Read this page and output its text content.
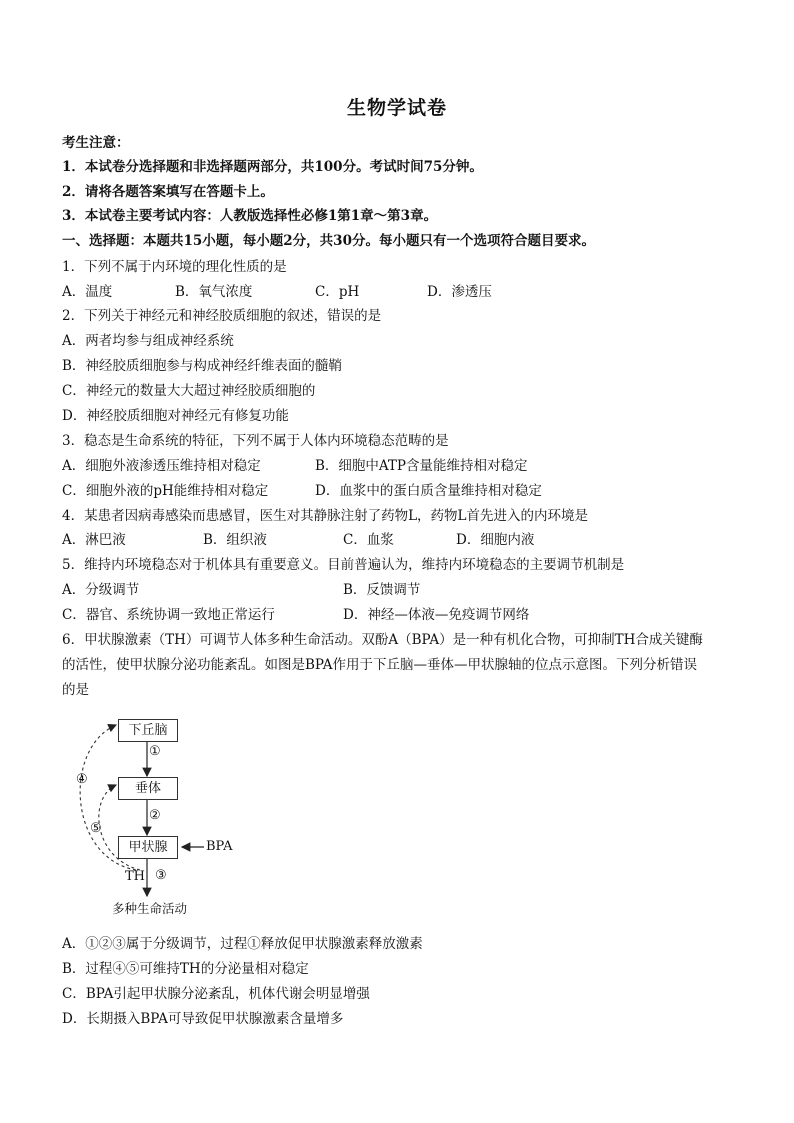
生物学试卷
考生注意：
1．本试卷分选择题和非选择题两部分，共100分。考试时间75分钟。
2．请将各题答案填写在答题卡上。
3．本试卷主要考试内容：人教版选择性必修1第1章～第3章。
一、选择题：本题共15小题，每小题2分，共30分。每小题只有一个选项符合题目要求。
1．下列不属于内环境的理化性质的是
A．温度	B．氧气浓度	C．pH	D．渗透压
2．下列关于神经元和神经胶质细胞的叙述，错误的是
A．两者均参与组成神经系统
B．神经胶质细胞参与构成神经纤维表面的髓鞘
C．神经元的数量大大超过神经胶质细胞的
D．神经胶质细胞对神经元有修复功能
3．稳态是生命系统的特征，下列不属于人体内环境稳态范畴的是
A．细胞外液渗透压维持相对稳定	B．细胞中ATP含量能维持相对稳定
C．细胞外液的pH能维持相对稳定	D．血浆中的蛋白质含量维持相对稳定
4．某患者因病毒感染而患感冒，医生对其静脉注射了药物L，药物L首先进入的内环境是
A．淋巴液	B．组织液	C．血浆	D．细胞内液
5．维持内环境稳态对于机体具有重要意义。目前普遍认为，维持内环境稳态的主要调节机制是
A．分级调节	B．反馈调节
C．器官、系统协调一致地正常运行	D．神经—体液—免疫调节网络
6．甲状腺激素（TH）可调节人体多种生命活动。双酚A（BPA）是一种有机化合物，可抑制TH合成关键酶
的活性，使甲状腺分泌功能紊乱。如图是BPA作用于下丘脑—垂体—甲状腺轴的位点示意图。下列分析错误
的是
下丘脑
垂体
甲状腺
①
②
③
④
⑤
TH
BPA
多种生命活动
A．①②③属于分级调节，过程①释放促甲状腺激素释放激素
B．过程④⑤可维持TH的分泌量相对稳定
C．BPA引起甲状腺分泌紊乱，机体代谢会明显增强
D．长期摄入BPA可导致促甲状腺激素含量增多
